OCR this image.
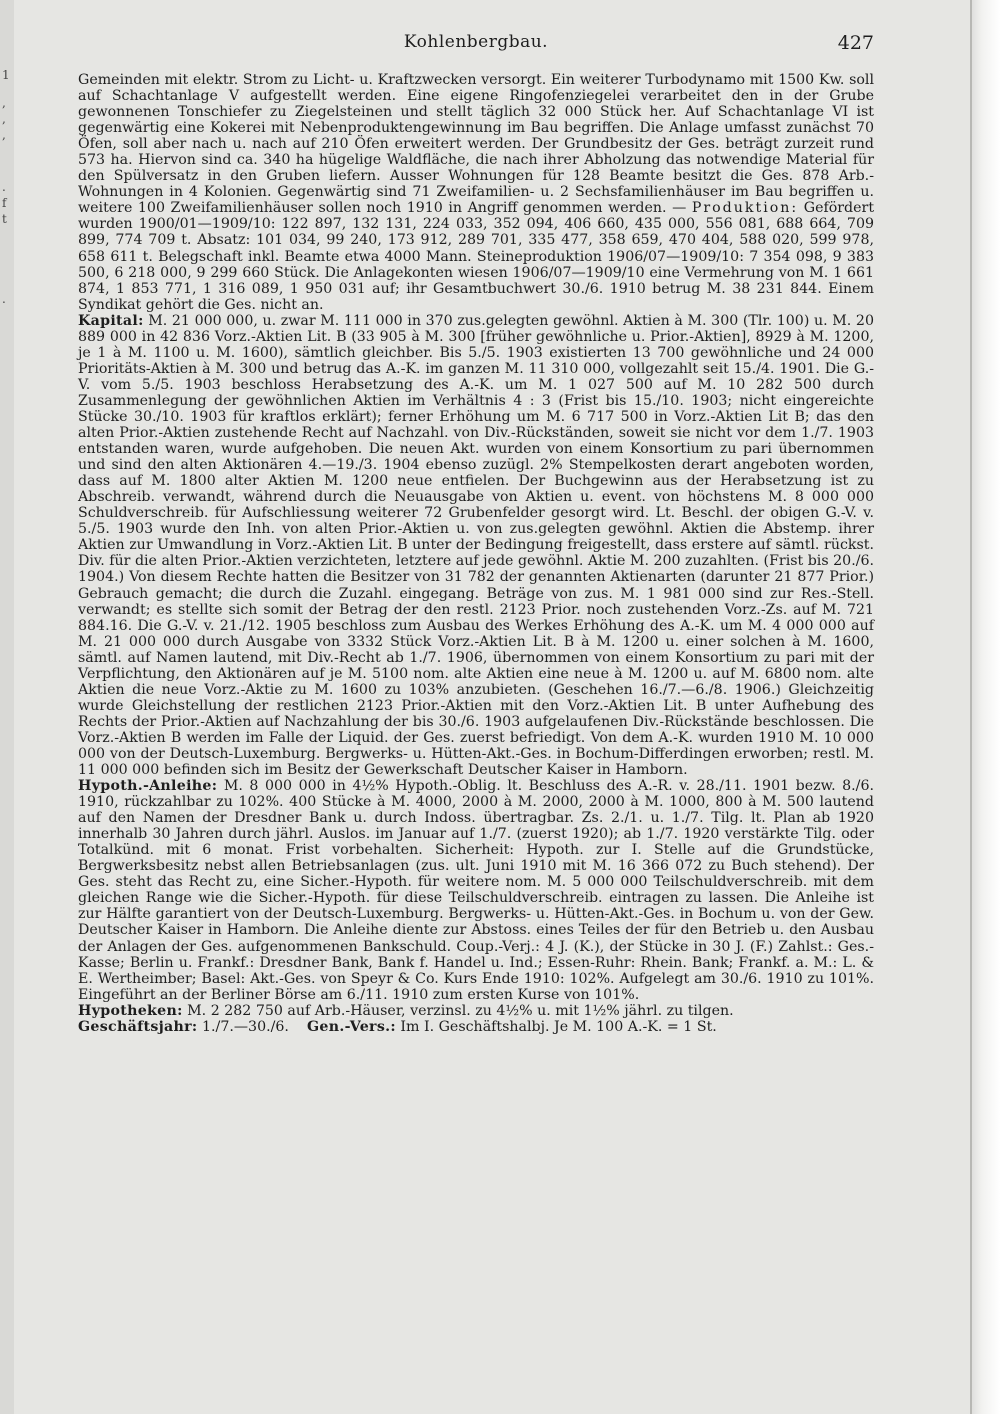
1
,
,
,
.
f
t
.
Kohlenbergbau.	427

Gemeinden mit elektr. Strom zu Licht- u. Kraftzwecken versorgt. Ein weiterer Turbodynamo mit 1500 Kw. soll auf Schachtanlage V aufgestellt werden. Eine eigene Ringofenziegelei verarbeitet den in der Grube gewonnenen Tonschiefer zu Ziegelsteinen und stellt täglich 32 000 Stück her. Auf Schachtanlage VI ist gegenwärtig eine Kokerei mit Nebenproduktengewinnung im Bau begriffen. Die Anlage umfasst zunächst 70 Öfen, soll aber nach u. nach auf 210 Öfen erweitert werden. Der Grundbesitz der Ges. beträgt zurzeit rund 573 ha. Hiervon sind ca. 340 ha hügelige Waldfläche, die nach ihrer Abholzung das notwendige Material für den Spülversatz in den Gruben liefern. Ausser Wohnungen für 128 Beamte besitzt die Ges. 878 Arb.-Wohnungen in 4 Kolonien. Gegenwärtig sind 71 Zweifamilien- u. 2 Sechsfamilienhäuser im Bau begriffen u. weitere 100 Zweifamilienhäuser sollen noch 1910 in Angriff genommen werden. — Produktion: Gefördert wurden 1900/01—1909/10: 122 897, 132 131, 224 033, 352 094, 406 660, 435 000, 556 081, 688 664, 709 899, 774 709 t. Absatz: 101 034, 99 240, 173 912, 289 701, 335 477, 358 659, 470 404, 588 020, 599 978, 658 611 t. Belegschaft inkl. Beamte etwa 4000 Mann. Steineproduktion 1906/07—1909/10: 7 354 098, 9 383 500, 6 218 000, 9 299 660 Stück. Die Anlagekonten wiesen 1906/07—1909/10 eine Vermehrung von M. 1 661 874, 1 853 771, 1 316 089, 1 950 031 auf; ihr Gesamtbuchwert 30./6. 1910 betrug M. 38 231 844. Einem Syndikat gehört die Ges. nicht an.

Kapital: M. 21 000 000, u. zwar M. 111 000 in 370 zus.gelegten gewöhnl. Aktien à M. 300 (Tlr. 100) u. M. 20 889 000 in 42 836 Vorz.-Aktien Lit. B (33 905 à M. 300 [früher gewöhnliche u. Prior.-Aktien], 8929 à M. 1200, je 1 à M. 1100 u. M. 1600), sämtlich gleichber. Bis 5./5. 1903 existierten 13 700 gewöhnliche und 24 000 Prioritäts-Aktien à M. 300 und betrug das A.-K. im ganzen M. 11 310 000, vollgezahlt seit 15./4. 1901. Die G.-V. vom 5./5. 1903 beschloss Herabsetzung des A.-K. um M. 1 027 500 auf M. 10 282 500 durch Zusammenlegung der gewöhnlichen Aktien im Verhältnis 4 : 3 (Frist bis 15./10. 1903; nicht eingereichte Stücke 30./10. 1903 für kraftlos erklärt); ferner Erhöhung um M. 6 717 500 in Vorz.-Aktien Lit B; das den alten Prior.-Aktien zustehende Recht auf Nachzahl. von Div.-Rückständen, soweit sie nicht vor dem 1./7. 1903 entstanden waren, wurde aufgehoben. Die neuen Akt. wurden von einem Konsortium zu pari übernommen und sind den alten Aktionären 4.—19./3. 1904 ebenso zuzügl. 2% Stempelkosten derart angeboten worden, dass auf M. 1800 alter Aktien M. 1200 neue entfielen. Der Buchgewinn aus der Herabsetzung ist zu Abschreib. verwandt, während durch die Neuausgabe von Aktien u. event. von höchstens M. 8 000 000 Schuldverschreib. für Aufschliessung weiterer 72 Grubenfelder gesorgt wird. Lt. Beschl. der obigen G.-V. v. 5./5. 1903 wurde den Inh. von alten Prior.-Aktien u. von zus.gelegten gewöhnl. Aktien die Abstemp. ihrer Aktien zur Umwandlung in Vorz.-Aktien Lit. B unter der Bedingung freigestellt, dass erstere auf sämtl. rückst. Div. für die alten Prior.-Aktien verzichteten, letztere auf jede gewöhnl. Aktie M. 200 zuzahlten. (Frist bis 20./6. 1904.) Von diesem Rechte hatten die Besitzer von 31 782 der genannten Aktienarten (darunter 21 877 Prior.) Gebrauch gemacht; die durch die Zuzahl. eingegang. Beträge von zus. M. 1 981 000 sind zur Res.-Stell. verwandt; es stellte sich somit der Betrag der den restl. 2123 Prior. noch zustehenden Vorz.-Zs. auf M. 721 884.16. Die G.-V. v. 21./12. 1905 beschloss zum Ausbau des Werkes Erhöhung des A.-K. um M. 4 000 000 auf M. 21 000 000 durch Ausgabe von 3332 Stück Vorz.-Aktien Lit. B à M. 1200 u. einer solchen à M. 1600, sämtl. auf Namen lautend, mit Div.-Recht ab 1./7. 1906, übernommen von einem Konsortium zu pari mit der Verpflichtung, den Aktionären auf je M. 5100 nom. alte Aktien eine neue à M. 1200 u. auf M. 6800 nom. alte Aktien die neue Vorz.-Aktie zu M. 1600 zu 103% anzubieten. (Geschehen 16./7.—6./8. 1906.) Gleichzeitig wurde Gleichstellung der restlichen 2123 Prior.-Aktien mit den Vorz.-Aktien Lit. B unter Aufhebung des Rechts der Prior.-Aktien auf Nachzahlung der bis 30./6. 1903 aufgelaufenen Div.-Rückstände beschlossen. Die Vorz.-Aktien B werden im Falle der Liquid. der Ges. zuerst befriedigt. Von dem A.-K. wurden 1910 M. 10 000 000 von der Deutsch-Luxemburg. Bergwerks- u. Hütten-Akt.-Ges. in Bochum-Differdingen erworben; restl. M. 11 000 000 befinden sich im Besitz der Gewerkschaft Deutscher Kaiser in Hamborn.

Hypoth.-Anleihe: M. 8 000 000 in 4½% Hypoth.-Oblig. lt. Beschluss des A.-R. v. 28./11. 1901 bezw. 8./6. 1910, rückzahlbar zu 102%. 400 Stücke à M. 4000, 2000 à M. 2000, 2000 à M. 1000, 800 à M. 500 lautend auf den Namen der Dresdner Bank u. durch Indoss. übertragbar. Zs. 2./1. u. 1./7. Tilg. lt. Plan ab 1920 innerhalb 30 Jahren durch jährl. Auslos. im Januar auf 1./7. (zuerst 1920); ab 1./7. 1920 verstärkte Tilg. oder Totalkünd. mit 6 monat. Frist vorbehalten. Sicherheit: Hypoth. zur I. Stelle auf die Grundstücke, Bergwerksbesitz nebst allen Betriebsanlagen (zus. ult. Juni 1910 mit M. 16 366 072 zu Buch stehend). Der Ges. steht das Recht zu, eine Sicher.-Hypoth. für weitere nom. M. 5 000 000 Teilschuldverschreib. mit dem gleichen Range wie die Sicher.-Hypoth. für diese Teilschuldverschreib. eintragen zu lassen. Die Anleihe ist zur Hälfte garantiert von der Deutsch-Luxemburg. Bergwerks- u. Hütten-Akt.-Ges. in Bochum u. von der Gew. Deutscher Kaiser in Hamborn. Die Anleihe diente zur Abstoss. eines Teiles der für den Betrieb u. den Ausbau der Anlagen der Ges. aufgenommenen Bankschuld. Coup.-Verj.: 4 J. (K.), der Stücke in 30 J. (F.) Zahlst.: Ges.-Kasse; Berlin u. Frankf.: Dresdner Bank, Bank f. Handel u. Ind.; Essen-Ruhr: Rhein. Bank; Frankf. a. M.: L. & E. Wertheimber; Basel: Akt.-Ges. von Speyr & Co. Kurs Ende 1910: 102%. Aufgelegt am 30./6. 1910 zu 101%. Eingeführt an der Berliner Börse am 6./11. 1910 zum ersten Kurse von 101%.

Hypotheken: M. 2 282 750 auf Arb.-Häuser, verzinsl. zu 4½% u. mit 1½% jährl. zu tilgen.

Geschäftsjahr: 1./7.—30./6. Gen.-Vers.: Im I. Geschäftshalbj. Je M. 100 A.-K. = 1 St.
